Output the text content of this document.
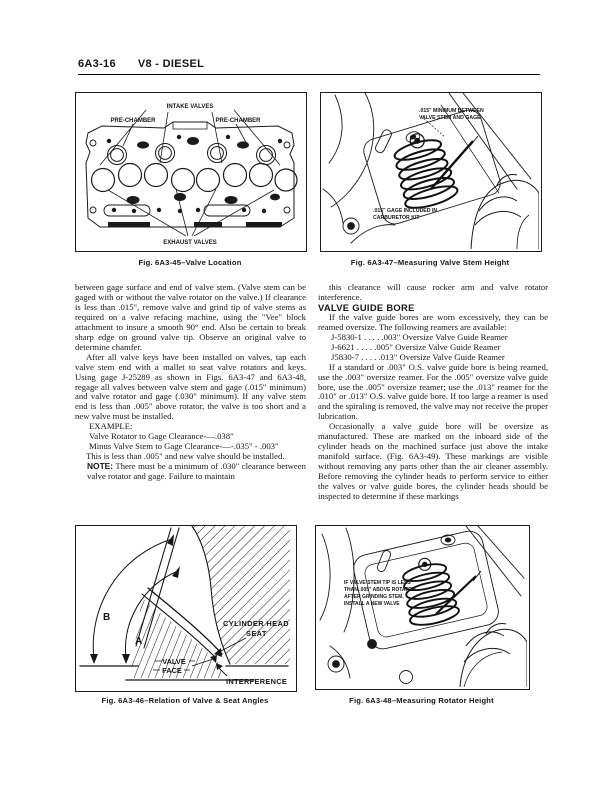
6A3-16 V8 - DIESEL
INTAKE VALVES
PRE-CHAMBER	PRE-CHAMBER
EXHAUST VALVES
Fig. 6A3-45–Valve Location
.015" MINIMUM BETWEEN
VALVE STEM AND GAGE
.015" GAGE INCLUDED IN
CARBURETOR KIT
Fig. 6A3-47–Measuring Valve Stem Height

between gage surface and end of valve stem. (Valve stem can be gaged with or without the valve rotator on the valve.) If clearance is less than .015", remove valve and grind tip of valve stems as required on a valve refacing machine, using the "Vee" block attachment to insure a smooth 90° end. Also be certain to break sharp edge on ground valve tip. Observe an original valve to determine chamfer.

After all valve keys have been installed on valves, tap each valve stem end with a mallet to seat valve rotators and keys. Using gage J-25289 as shown in Figs. 6A3-47 and 6A3-48, regage all valves between valve stem and gage (.015" minimum) and valve rotator and gage (.030" minimum). If any valve stem end is less than .005" above rotator, the valve is too short and a new valve must be installed.

EXAMPLE:

Valve Rotator to Gage Clearance-—.038"

Minus Valve Stem to Gage Clearance-—-.035" - .003"

This is less than .005" and new valve should be installed.

NOTE: There must be a minimum of .030" clearance between valve rotator and gage. Failure to maintain

this clearance will cause rocker arm and valve rotator interference.

VALVE GUIDE BORE

If the valve guide bores are worn excessively, they can be reamed oversize. The following reamers are available:

J-5830-1 . . . . .003" Oversize Valve Guide Reamer

J-6621 . . . . .005" Oversize Valve Guide Reamer

J5830-7 . . . . .013" Oversize Valve Guide Reamer

If a standard or .003" O.S. valve guide bore is being reamed, use the .003" oversize reamer. For the .005" oversize valve guide bore, use the .005" oversize reamer; use the .013" reamer for the .010" or .013" O.S. valve guide bore. If too large a reamer is used and the spiraling is removed, the valve may not receive the proper lubrication.

Occasionally a valve guide bore will be oversize as manufactured. These are marked on the inboard side of the cylinder heads on the machined surface just above the intake manifold surface. (Fig. 6A3-49). These markings are visible without removing any parts other than the air cleaner assembly. Before removing the cylinder heads to perform service to either the valves or valve guide bores, the cylinder heads should be inspected to determine if these markings

B
A
CYLINDER HEAD
SEAT
VALVE
FACE
INTERFERENCE
Fig. 6A3-46–Relation of Valve & Seat Angles
IF VALVE STEM TIP IS LESS
THAN .005" ABOVE ROTATOR
AFTER GRINDING STEM,
INSTALL A NEW VALVE
Fig. 6A3-48–Measuring Rotator Height
